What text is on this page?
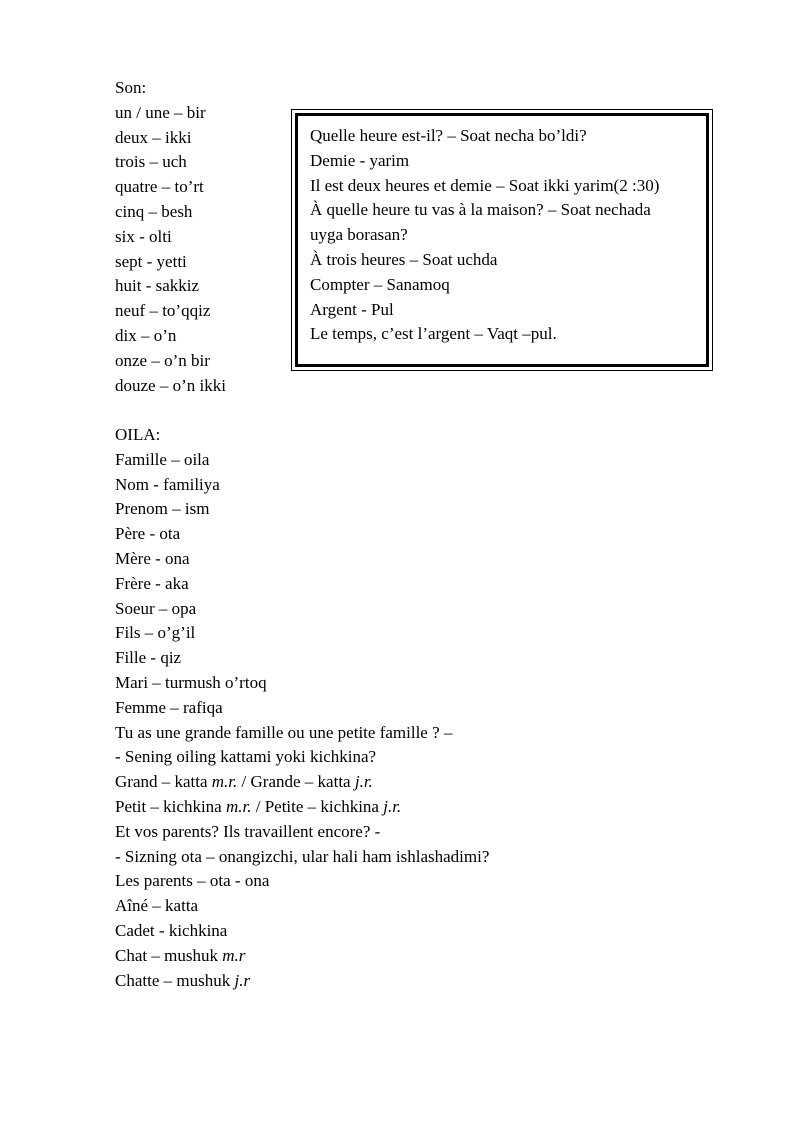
Son:
un / une – bir
deux – ikki
trois – uch
quatre – to’rt
cinq – besh
six - olti
sept - yetti
huit - sakkiz
neuf – to’qqiz
dix – o’n
onze – o’n bir
douze – o’n ikki
Quelle heure est-il? – Soat necha bo’ldi?
Demie - yarim
Il est deux heures et demie – Soat ikki yarim(2 :30)
À quelle heure tu vas à la maison? – Soat nechada
uyga borasan?
À trois heures – Soat uchda
Compter – Sanamoq
Argent - Pul
Le temps, c’est l’argent – Vaqt –pul.
OILA:
Famille – oila
Nom - familiya
Prenom – ism
Père - ota
Mère - ona
Frère - aka
Soeur – opa
Fils – o’g’il
Fille - qiz
Mari – turmush o’rtoq
Femme – rafiqa
Tu as une grande famille ou une petite famille ? –
- Sening oiling kattami yoki kichkina?
Grand – katta m.r. / Grande – katta j.r.
Petit – kichkina m.r. / Petite – kichkina j.r.
Et vos parents? Ils travaillent encore? -
- Sizning ota – onangizchi, ular hali ham ishlashadimi?
Les parents – ota - ona
Aîné – katta
Cadet - kichkina
Chat – mushuk m.r
Chatte – mushuk j.r
